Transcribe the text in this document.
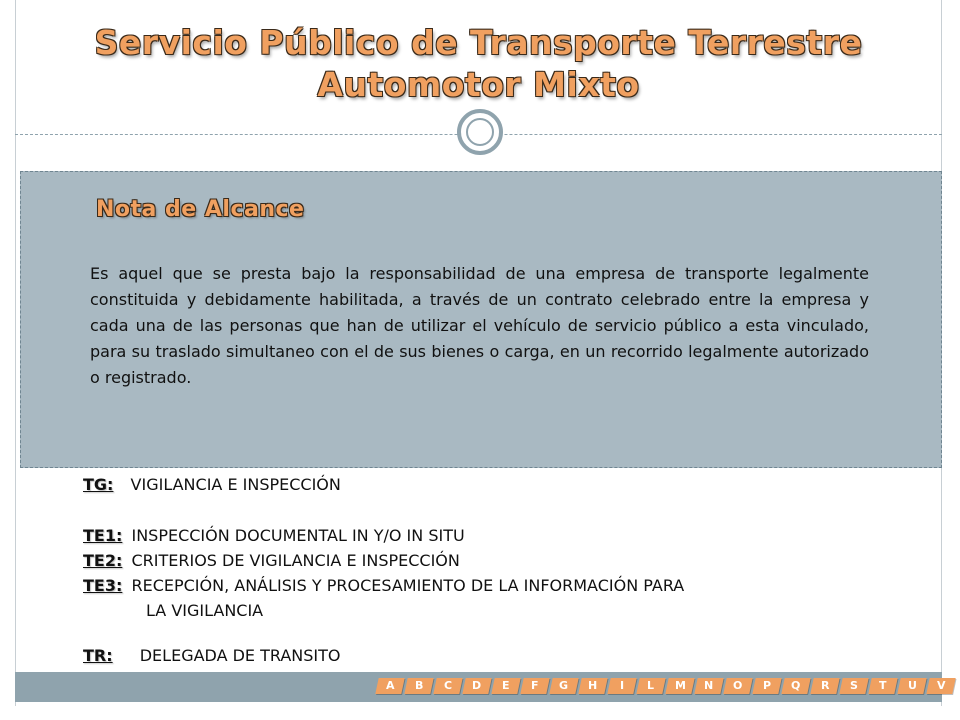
Servicio Público de Transporte Terrestre
Automotor Mixto
Nota de Alcance
Es aquel que se presta bajo la responsabilidad de una empresa de transporte legalmente constituida y debidamente habilitada, a través de un contrato celebrado entre la empresa y cada una de las personas que han de utilizar el vehículo de servicio público a esta vinculado, para su traslado simultaneo con el de sus bienes o carga, en un recorrido legalmente autorizado o registrado.
TG: VIGILANCIA E INSPECCIÓN
TE1: INSPECCIÓN DOCUMENTAL IN Y/O IN SITU
TE2: CRITERIOS DE VIGILANCIA E INSPECCIÓN
TE3: RECEPCIÓN, ANÁLISIS Y PROCESAMIENTO DE LA INFORMACIÓN PARA
LA VIGILANCIA
TR: DELEGADA DE TRANSITO
A	B	C	D	E	F	G	H	I	L	M	N	O	P	Q	R	S	T	U	V
